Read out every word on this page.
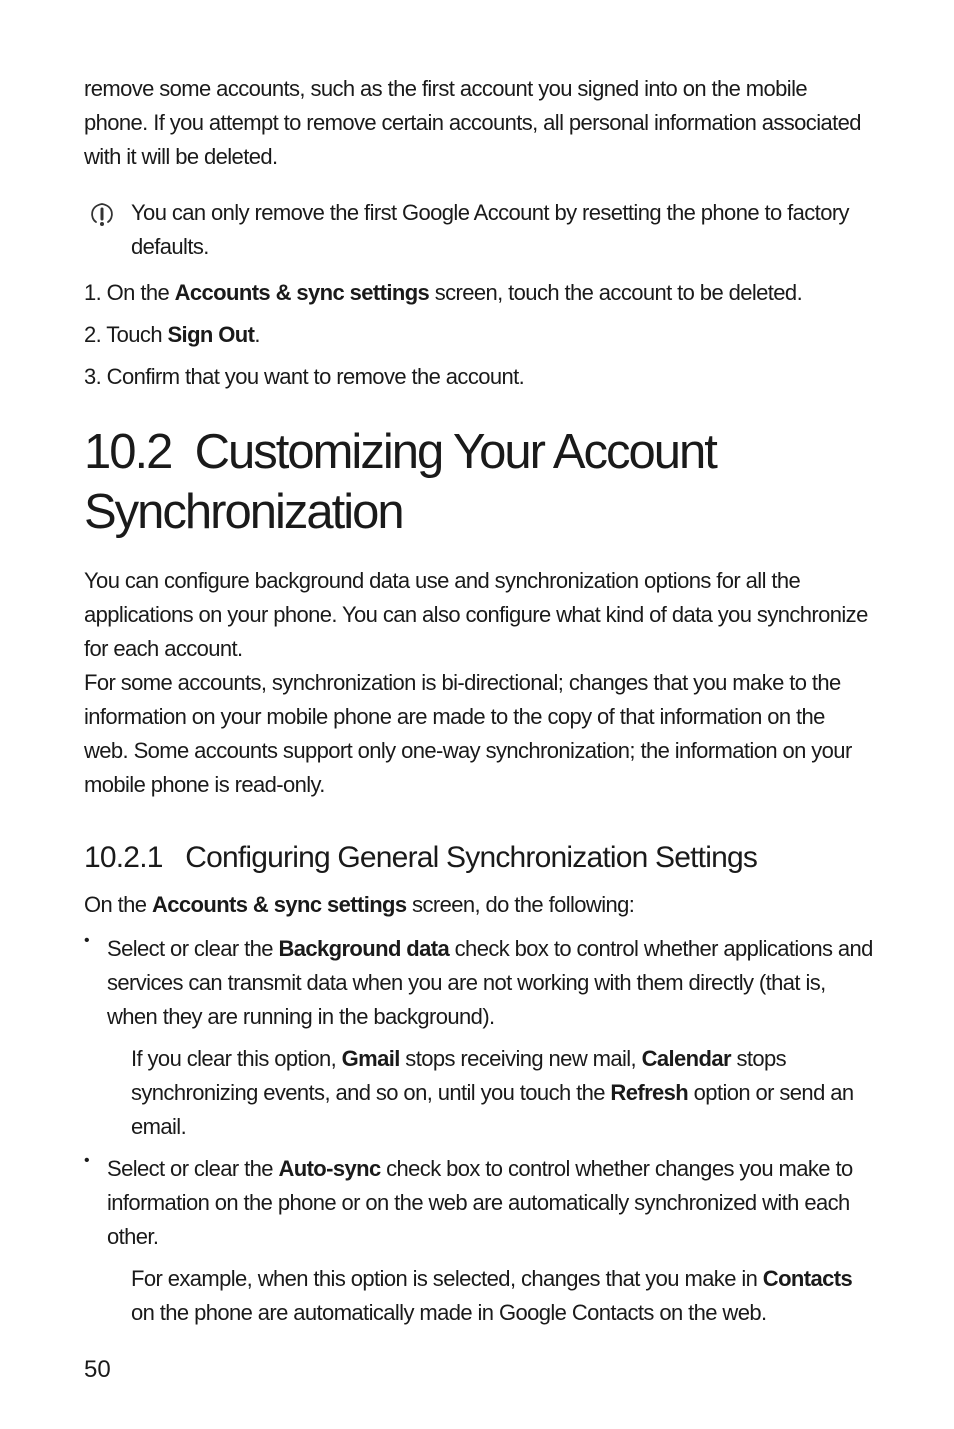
remove some accounts, such as the first account you signed into on the mobile phone. If you attempt to remove certain accounts, all personal information associated with it will be deleted.

You can only remove the first Google Account by resetting the phone to factory defaults.

1. On the Accounts & sync settings screen, touch the account to be deleted.

2. Touch Sign Out.

3. Confirm that you want to remove the account.

10.2 Customizing Your Account Synchronization

You can configure background data use and synchronization options for all the applications on your phone. You can also configure what kind of data you synchronize for each account.

For some accounts, synchronization is bi-directional; changes that you make to the information on your mobile phone are made to the copy of that information on the web. Some accounts support only one-way synchronization; the information on your mobile phone is read-only.

10.2.1 Configuring General Synchronization Settings

On the Accounts & sync settings screen, do the following:

• Select or clear the Background data check box to control whether applications and services can transmit data when you are not working with them directly (that is, when they are running in the background).

If you clear this option, Gmail stops receiving new mail, Calendar stops synchronizing events, and so on, until you touch the Refresh option or send an email.

• Select or clear the Auto-sync check box to control whether changes you make to information on the phone or on the web are automatically synchronized with each other.

For example, when this option is selected, changes that you make in Contacts on the phone are automatically made in Google Contacts on the web.

50
